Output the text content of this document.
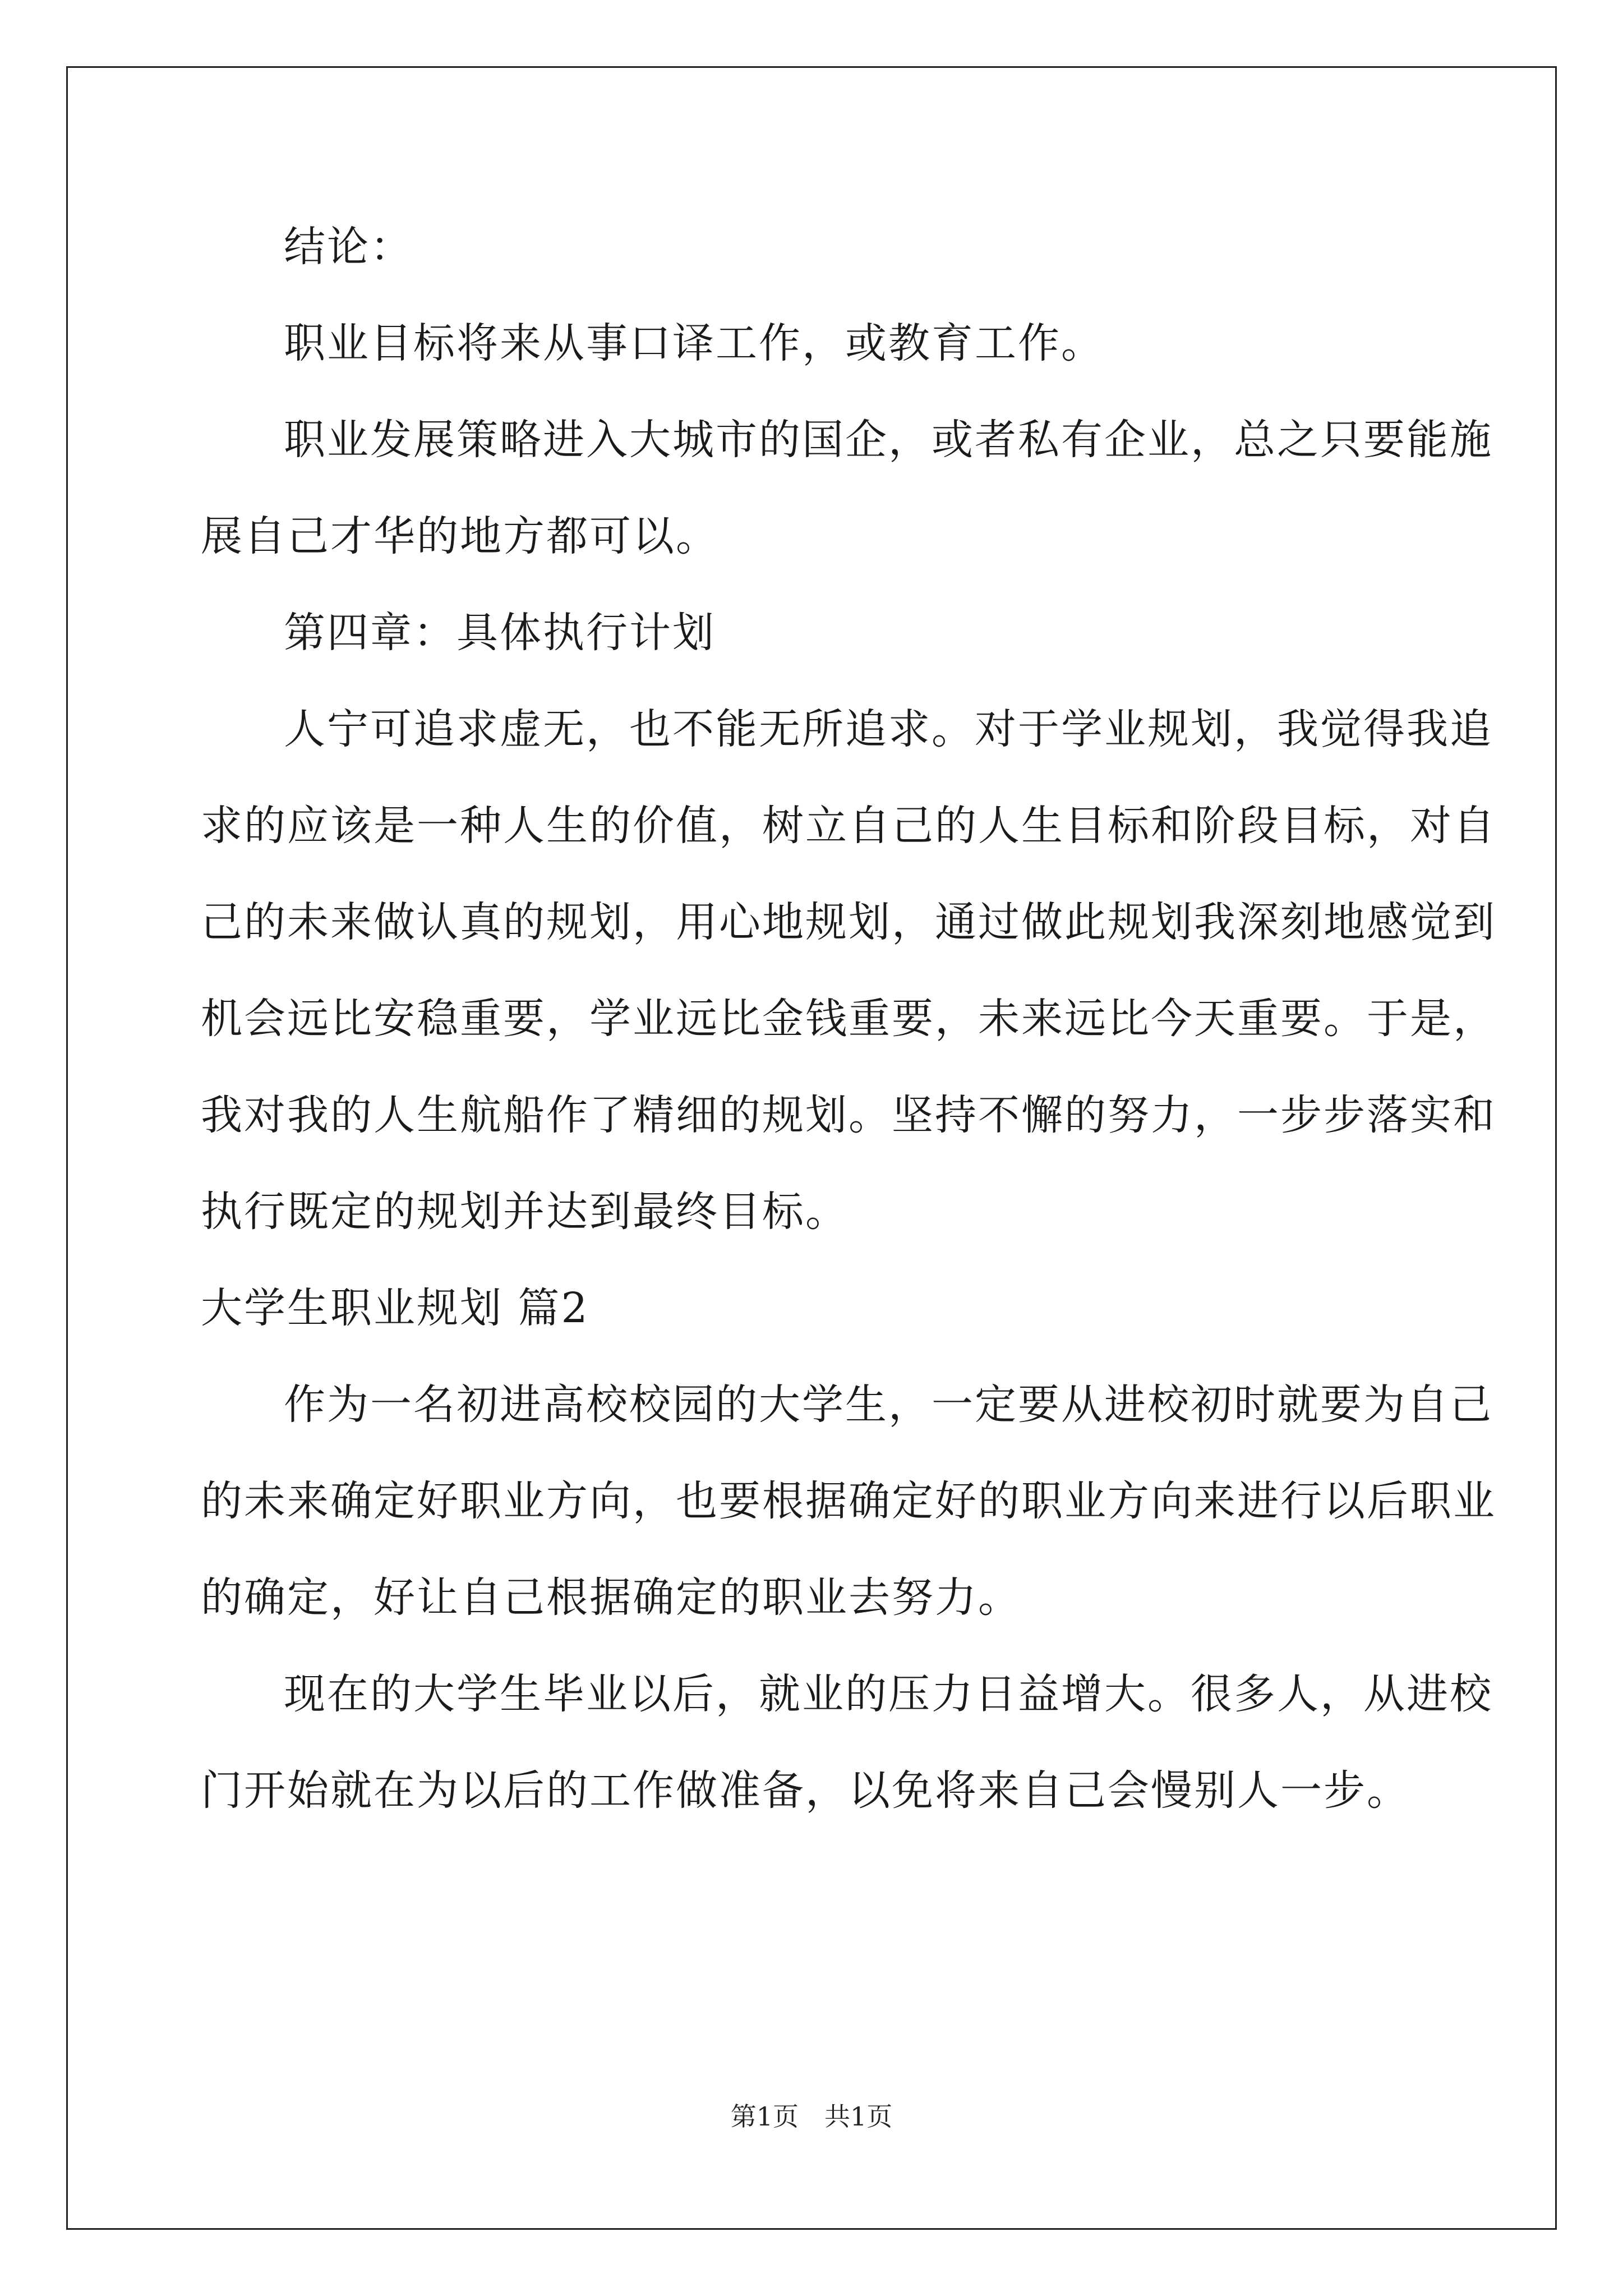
结论：
职业目标将来从事口译工作，或教育工作。
职业发展策略进入大城市的国企，或者私有企业，总之只要能施
展自己才华的地方都可以。
第四章：具体执行计划
人宁可追求虚无，也不能无所追求。对于学业规划，我觉得我追
求的应该是一种人生的价值，树立自己的人生目标和阶段目标，对自
己的未来做认真的规划，用心地规划，通过做此规划我深刻地感觉到
机会远比安稳重要，学业远比金钱重要，未来远比今天重要。于是，
我对我的人生航船作了精细的规划。坚持不懈的努力，一步步落实和
执行既定的规划并达到最终目标。
大学生职业规划 篇2
作为一名初进高校校园的大学生，一定要从进校初时就要为自己
的未来确定好职业方向，也要根据确定好的职业方向来进行以后职业
的确定，好让自己根据确定的职业去努力。
现在的大学生毕业以后，就业的压力日益增大。很多人，从进校
门开始就在为以后的工作做准备，以免将来自己会慢别人一步。
第1页　共1页
